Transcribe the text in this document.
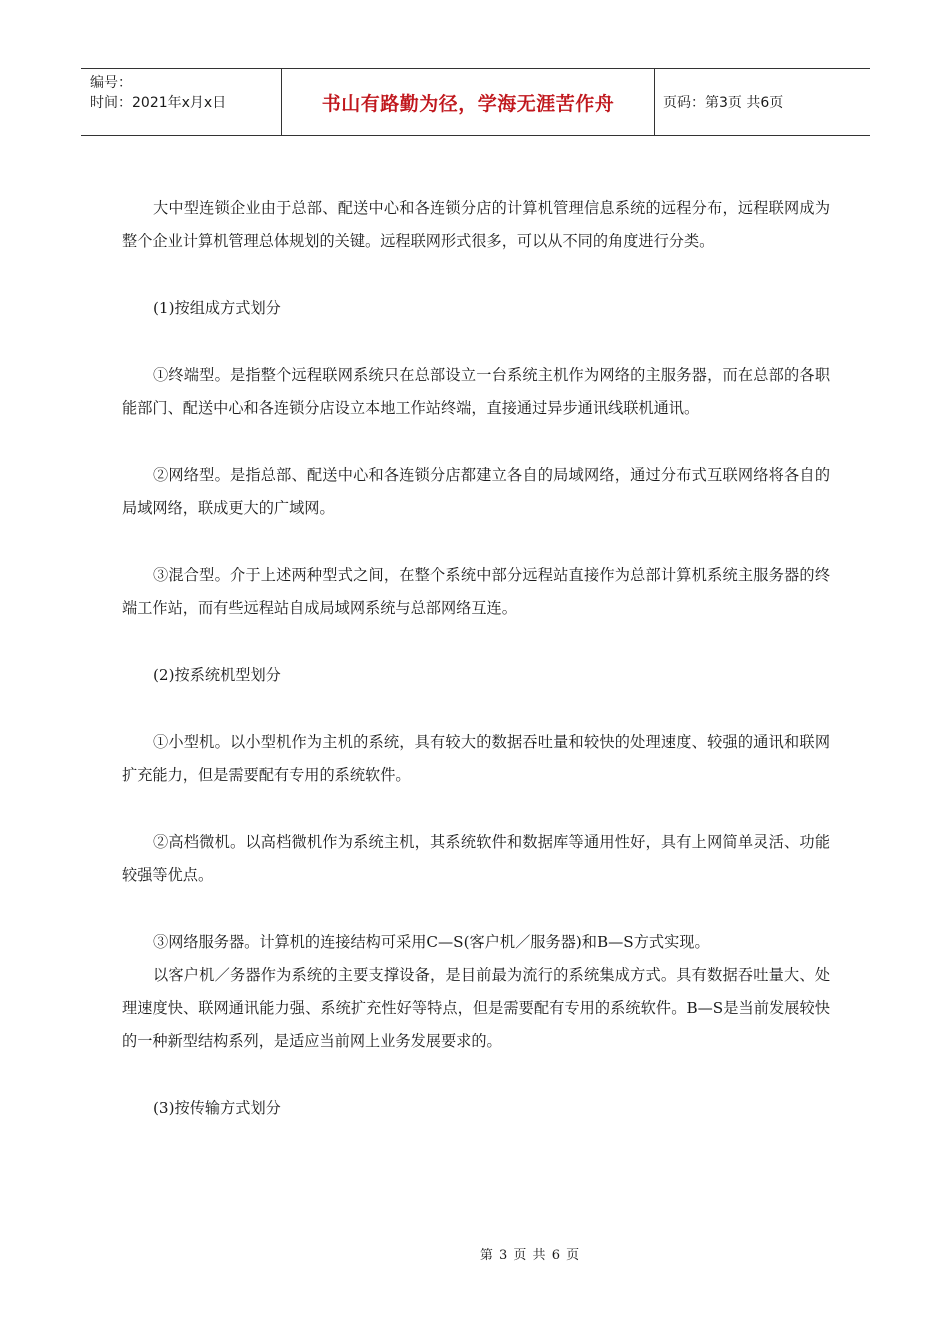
编号：
时间：2021年x月x日	书山有路勤为径，学海无涯苦作舟	页码：第3页 共6页

大中型连锁企业由于总部、配送中心和各连锁分店的计算机管理信息系统的远程分布，远程联网成为整个企业计算机管理总体规划的关键。远程联网形式很多，可以从不同的角度进行分类。

(1)按组成方式划分

①终端型。是指整个远程联网系统只在总部设立一台系统主机作为网络的主服务器，而在总部的各职能部门、配送中心和各连锁分店设立本地工作站终端，直接通过异步通讯线联机通讯。

②网络型。是指总部、配送中心和各连锁分店都建立各自的局域网络，通过分布式互联网络将各自的局域网络，联成更大的广域网。

③混合型。介于上述两种型式之间，在整个系统中部分远程站直接作为总部计算机系统主服务器的终端工作站，而有些远程站自成局域网系统与总部网络互连。

(2)按系统机型划分

①小型机。以小型机作为主机的系统，具有较大的数据吞吐量和较快的处理速度、较强的通讯和联网扩充能力，但是需要配有专用的系统软件。

②高档微机。以高档微机作为系统主机，其系统软件和数据库等通用性好，具有上网简单灵活、功能较强等优点。

③网络服务器。计算机的连接结构可采用C—S(客户机／服务器)和B—S方式实现。

以客户机／务器作为系统的主要支撑设备，是目前最为流行的系统集成方式。具有数据吞吐量大、处理速度快、联网通讯能力强、系统扩充性好等特点，但是需要配有专用的系统软件。B—S是当前发展较快的一种新型结构系列，是适应当前网上业务发展要求的。

(3)按传输方式划分

第 3 页 共 6 页
